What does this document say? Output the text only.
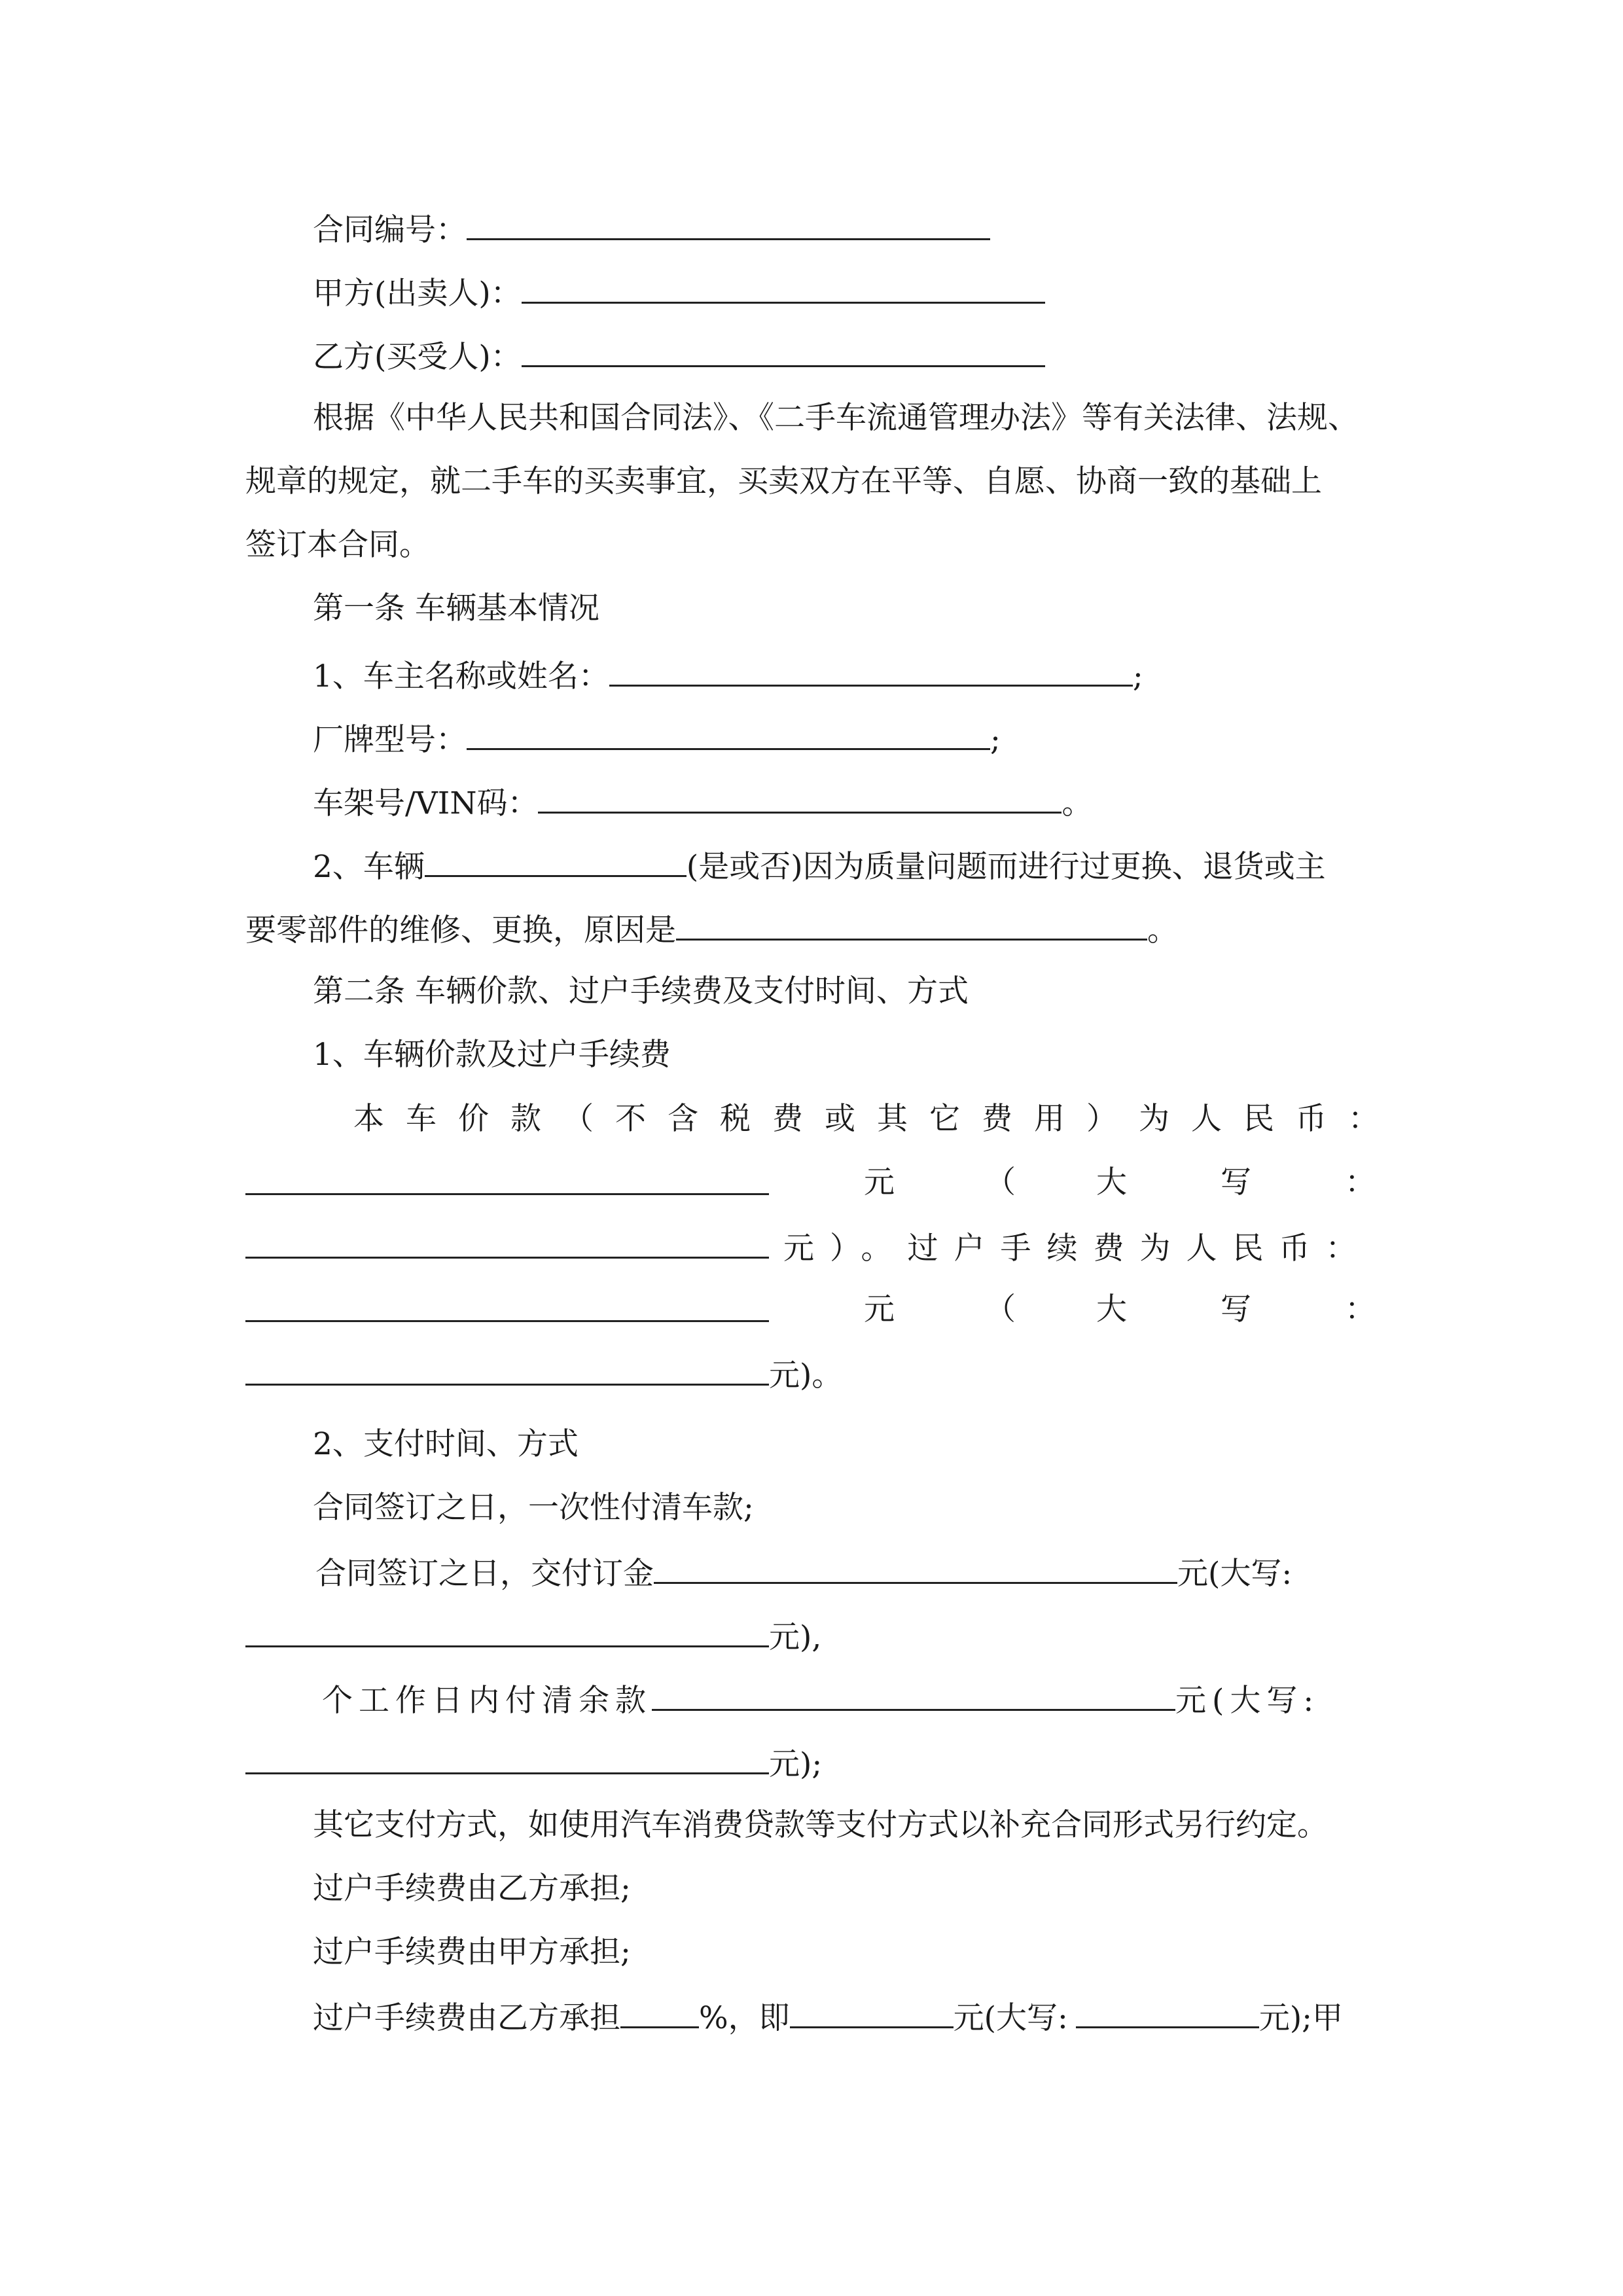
合同编号：
甲方(出卖人)：
乙方(买受人)：
根据《中华人民共和国合同法》、《二手车流通管理办法》等有关法律、法规、
规章的规定，就二手车的买卖事宜，买卖双方在平等、自愿、协商一致的基础上
签订本合同。
第一条 车辆基本情况
1、车主名称或姓名：	;
厂牌型号：	;
车架号/VIN码：	。
2、车辆	(是或否)因为质量问题而进行过更换、退货或主
要零部件的维修、更换，原因是	。
第二条 车辆价款、过户手续费及支付时间、方式
1、车辆价款及过户手续费
本车价款（不含税费或其它费用）为人民币：
元	（	大	写	：
元）。过户手续费为人民币：
元	（	大	写	：
元)。
2、支付时间、方式
合同签订之日，一次性付清车款;
合同签订之日，交付订金	元(大写:
元),
个工作日内付清余款	元(大写:
元);
其它支付方式，如使用汽车消费贷款等支付方式以补充合同形式另行约定。
过户手续费由乙方承担;
过户手续费由甲方承担;
过户手续费由乙方承担	%，即	元(大写:	元);甲
